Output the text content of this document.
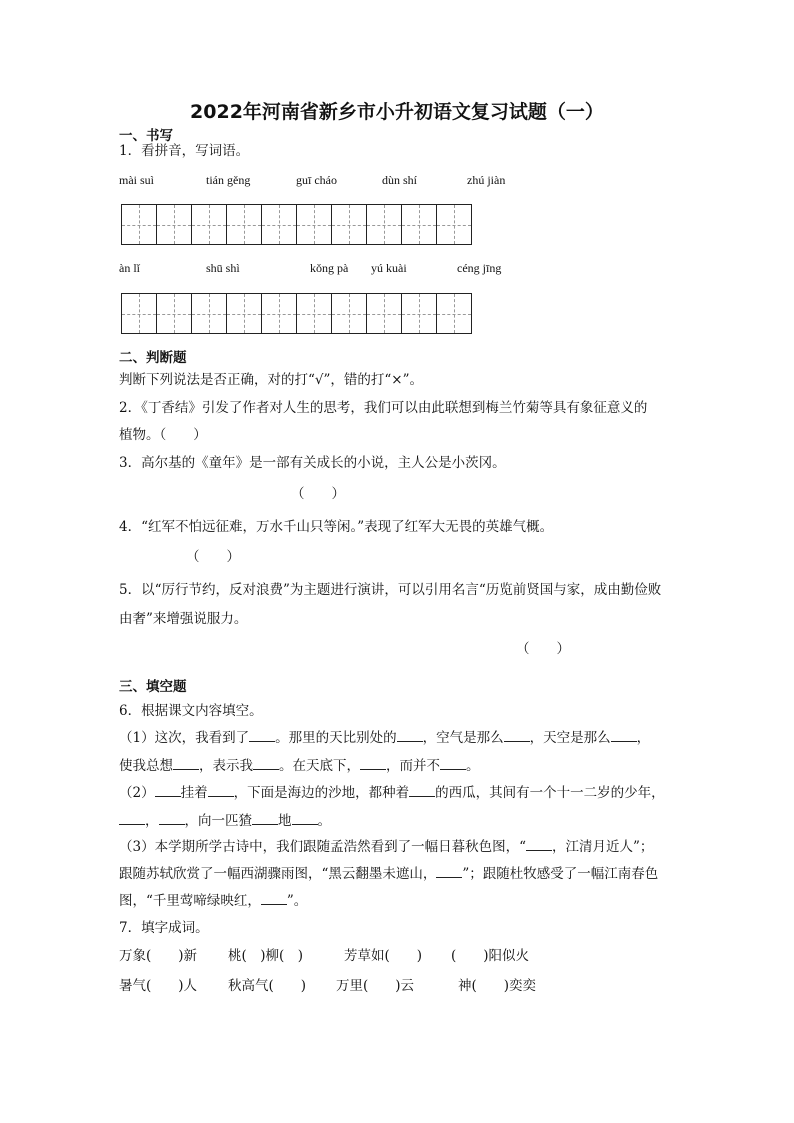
2022年河南省新乡市小升初语文复习试题（一）
一、书写
1．看拼音，写词语。
mài suì	tián gěng	guī cháo	dùn shí	zhú jiàn
àn lǐ	shū shì	kǒng pà yú kuài	céng jīng
二、判断题
判断下列说法是否正确，对的打“√”，错的打“×”。
2．《丁香结》引发了作者对人生的思考，我们可以由此联想到梅兰竹菊等具有象征意义的
植物。（　　）
3．高尔基的《童年》是一部有关成长的小说，主人公是小茨冈。
（　　）
4．“红军不怕远征难，万水千山只等闲。”表现了红军大无畏的英雄气概。
（　　）
5．以“厉行节约，反对浪费”为主题进行演讲，可以引用名言“历览前贤国与家，成由勤俭败
由奢”来增强说服力。
（　　）
三、填空题
6．根据课文内容填空。
（1）这次，我看到了 。那里的天比别处的 ，空气是那么 ，天空是那么 ，
使我总想 ，表示我 。在天底下， ，而并不 。
（2） 挂着 ，下面是海边的沙地，都种着 的西瓜，其间有一个十一二岁的少年，
， ，向一匹猹 地 。
（3）本学期所学古诗中，我们跟随孟浩然看到了一幅日暮秋色图，“ ，江清月近人”；
跟随苏轼欣赏了一幅西湖骤雨图，“黑云翻墨未遮山， ”；跟随杜牧感受了一幅江南春色
图，“千里莺啼绿映红， ”。
7．填字成词。
万象(　　)新 桃(　)柳(　)	芳草如(　　) (　　)阳似火
暑气(　　)人 秋高气(　　) 万里(　　)云	神(　　)奕奕
